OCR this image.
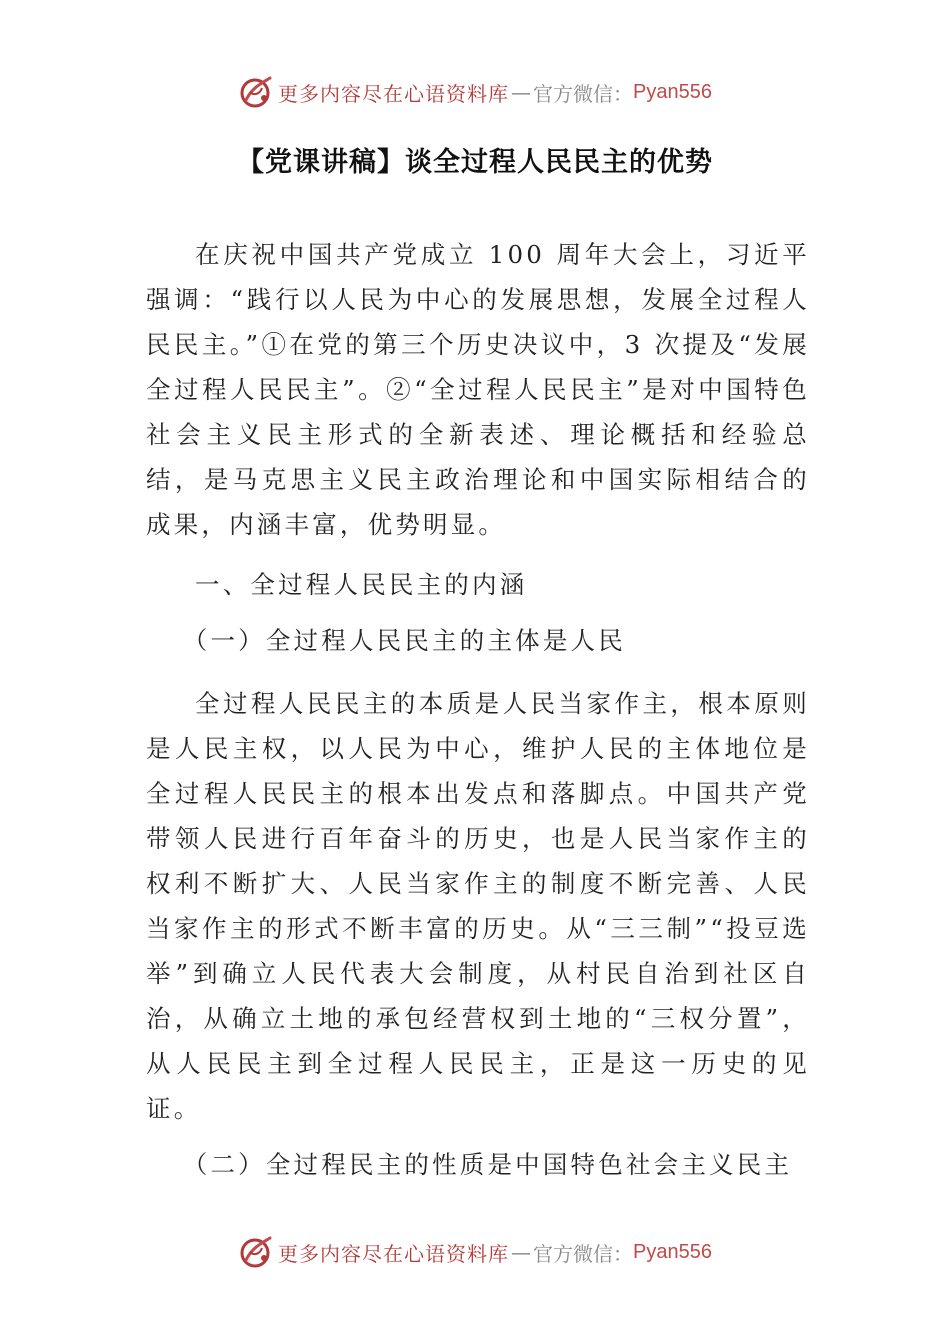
更多内容尽在心语资料库 — 官方微信： Pyan556
【党课讲稿】谈全过程人民民主的优势

在庆祝中国共产党成立 100 周年大会上，习近平强调：“践行以人民为中心的发展思想，发展全过程人民民主。”①在党的第三个历史决议中，3 次提及“发展全过程人民民主”。②“全过程人民民主”是对中国特色社会主义民主形式的全新表述、理论概括和经验总结，是马克思主义民主政治理论和中国实际相结合的成果，内涵丰富，优势明显。

一、全过程人民民主的内涵

（一）全过程人民民主的主体是人民

全过程人民民主的本质是人民当家作主，根本原则是人民主权，以人民为中心，维护人民的主体地位是全过程人民民主的根本出发点和落脚点。中国共产党带领人民进行百年奋斗的历史，也是人民当家作主的权利不断扩大、人民当家作主的制度不断完善、人民当家作主的形式不断丰富的历史。从“三三制”“投豆选举”到确立人民代表大会制度，从村民自治到社区自治，从确立土地的承包经营权到土地的“三权分置”，从人民民主到全过程人民民主，正是这一历史的见证。

（二）全过程民主的性质是中国特色社会主义民主

更多内容尽在心语资料库 — 官方微信： Pyan556
